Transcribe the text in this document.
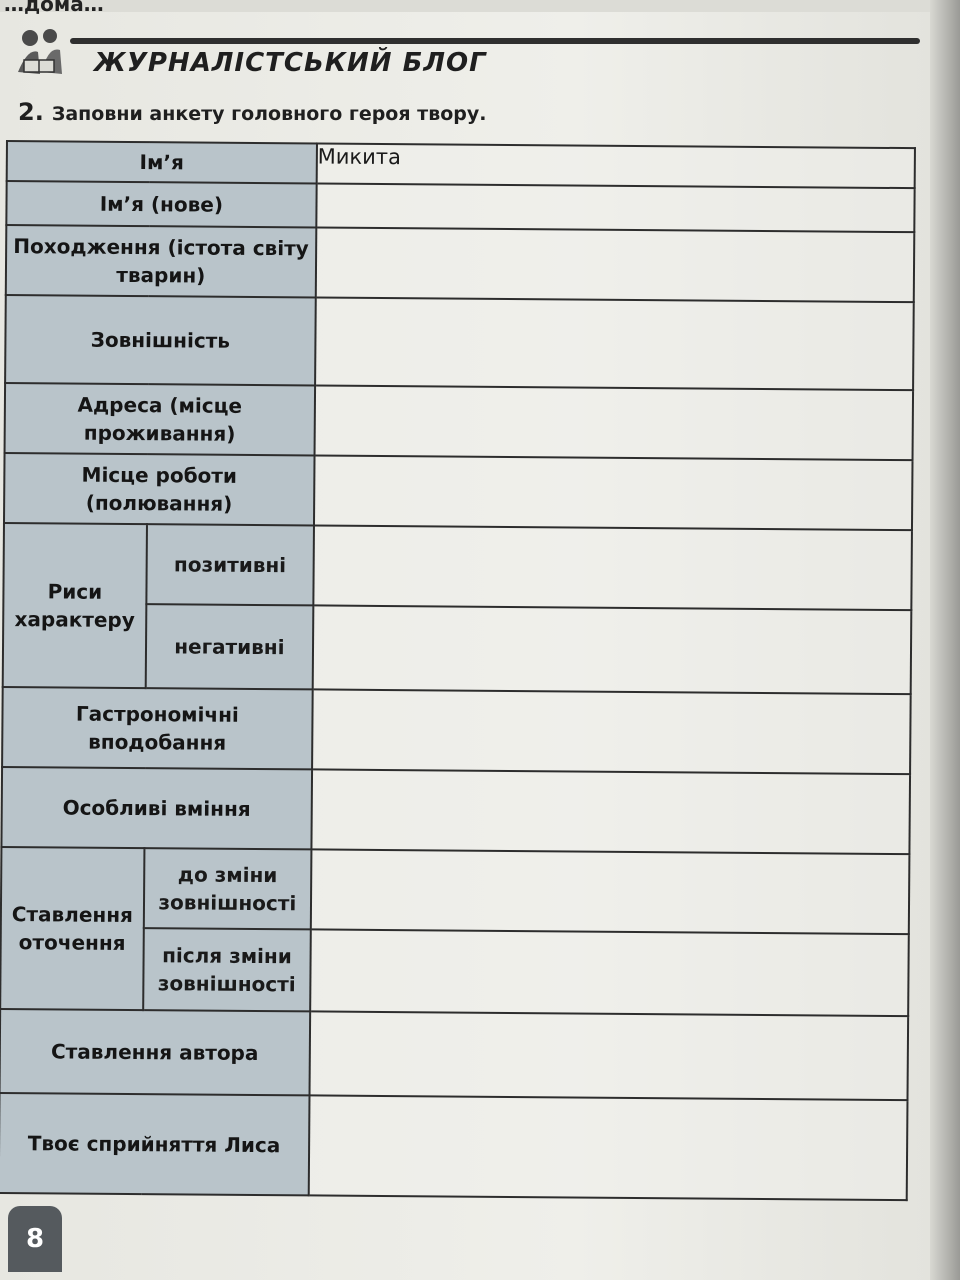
…дома…
ЖУРНАЛІСТСЬКИЙ БЛОГ
2. Заповни анкету головного героя твору.
Ім’я		Микита
Ім’я (нове)		
Походження (істота світу тварин)		
Зовнішність		
Адреса (місце проживання)		
Місце роботи (полювання)		
Риси характеру	позитивні	
	негативні	
Гастрономічні вподобання		
Особливі вміння		
Ставлення оточення	до зміни зовнішності	
	після зміни зовнішності	
Ставлення автора		
Твоє сприйняття Лиса		
8
